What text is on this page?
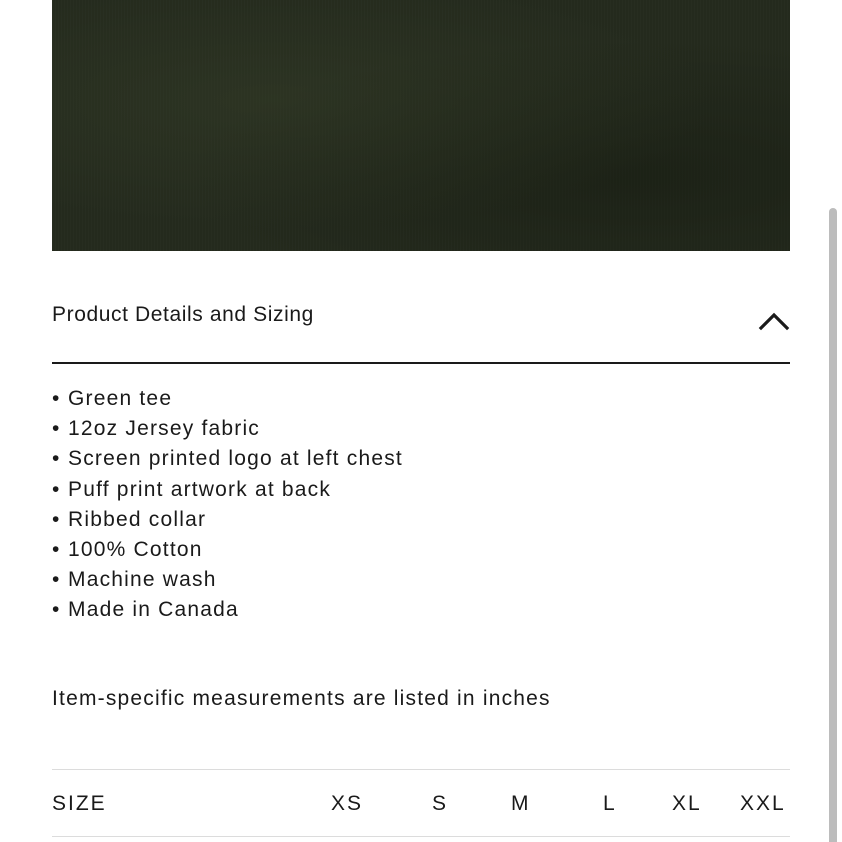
Product Details and Sizing
• Green tee
• 12oz Jersey fabric
• Screen printed logo at left chest
• Puff print artwork at back
• Ribbed collar
• 100% Cotton
• Machine wash
• Made in Canada
Item-specific measurements are listed in inches
SIZE	XS	S	M	L	XL XXL
